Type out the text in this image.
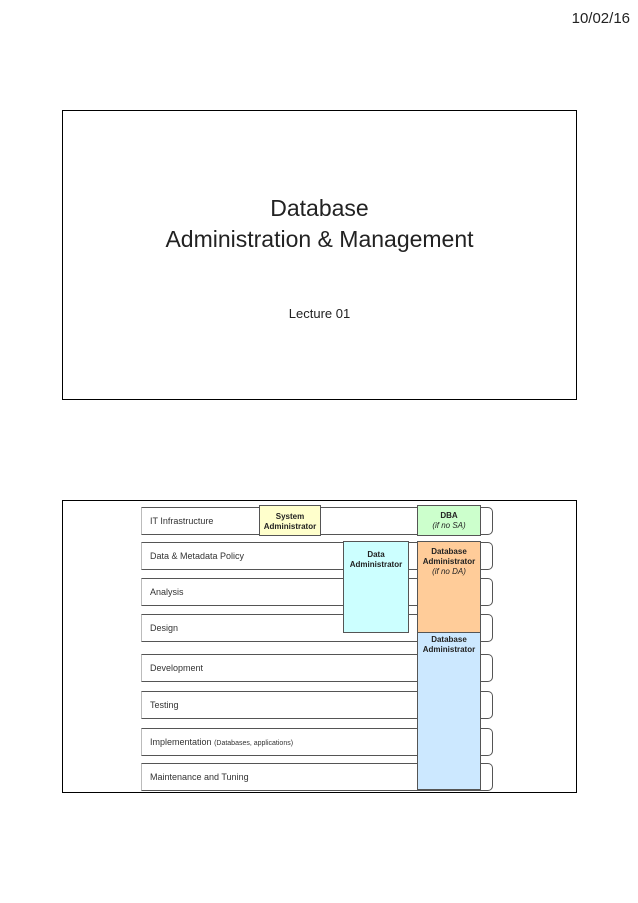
10/02/16
Database
Administration & Management
Lecture 01
IT Infrastructure
Data & Metadata Policy
Analysis
Design
Development
Testing
Implementation (Databases, applications)
Maintenance and Tuning
System
Administrator
DBA
(if no SA)
Data
Administrator
Database
Administrator
(if no DA)
Database
Administrator
